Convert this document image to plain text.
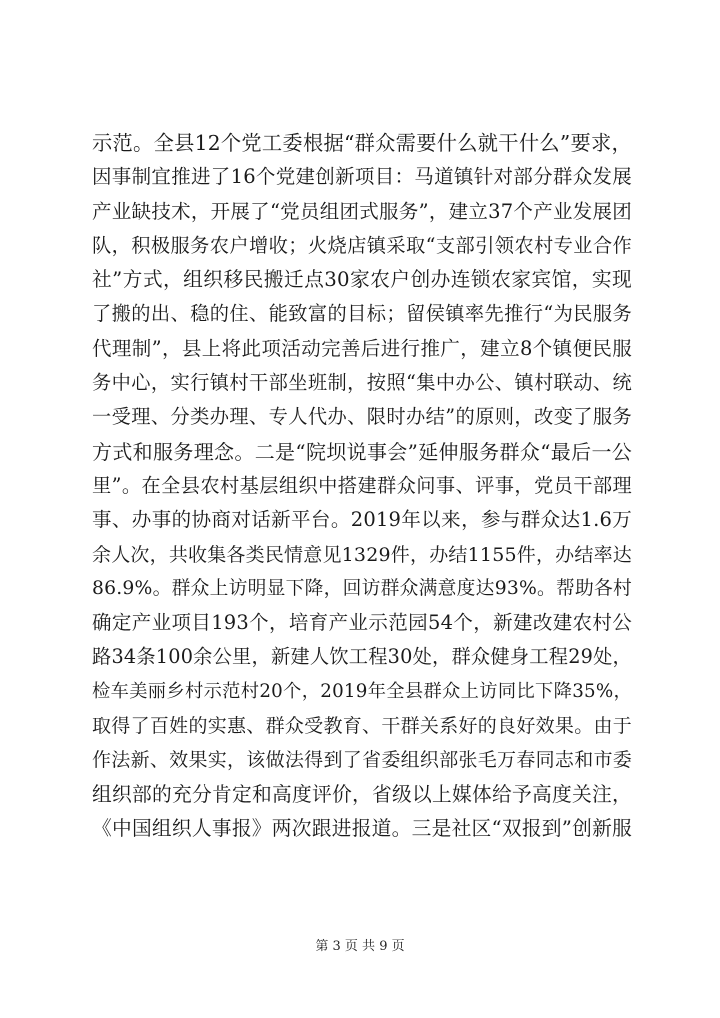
示范。全县12个党工委根据“群众需要什么就干什么”要求，
因事制宜推进了16个党建创新项目：马道镇针对部分群众发展
产业缺技术，开展了“党员组团式服务”，建立37个产业发展团
队，积极服务农户增收；火烧店镇采取“支部引领农村专业合作
社”方式，组织移民搬迁点30家农户创办连锁农家宾馆，实现
了搬的出、稳的住、能致富的目标；留侯镇率先推行“为民服务
代理制”，县上将此项活动完善后进行推广，建立8个镇便民服
务中心，实行镇村干部坐班制，按照“集中办公、镇村联动、统
一受理、分类办理、专人代办、限时办结”的原则，改变了服务
方式和服务理念。二是“院坝说事会”延伸服务群众“最后一公
里”。在全县农村基层组织中搭建群众问事、评事，党员干部理
事、办事的协商对话新平台。2019年以来，参与群众达1.6万
余人次，共收集各类民情意见1329件，办结1155件，办结率达
86.9%。群众上访明显下降，回访群众满意度达93%。帮助各村
确定产业项目193个，培育产业示范园54个，新建改建农村公
路34条100余公里，新建人饮工程30处，群众健身工程29处，
检车美丽乡村示范村20个，2019年全县群众上访同比下降35%，
取得了百姓的实惠、群众受教育、干群关系好的良好效果。由于
作法新、效果实，该做法得到了省委组织部张毛万春同志和市委
组织部的充分肯定和高度评价，省级以上媒体给予高度关注，
《中国组织人事报》两次跟进报道。三是社区“双报到”创新服
第 3 页 共 9 页
